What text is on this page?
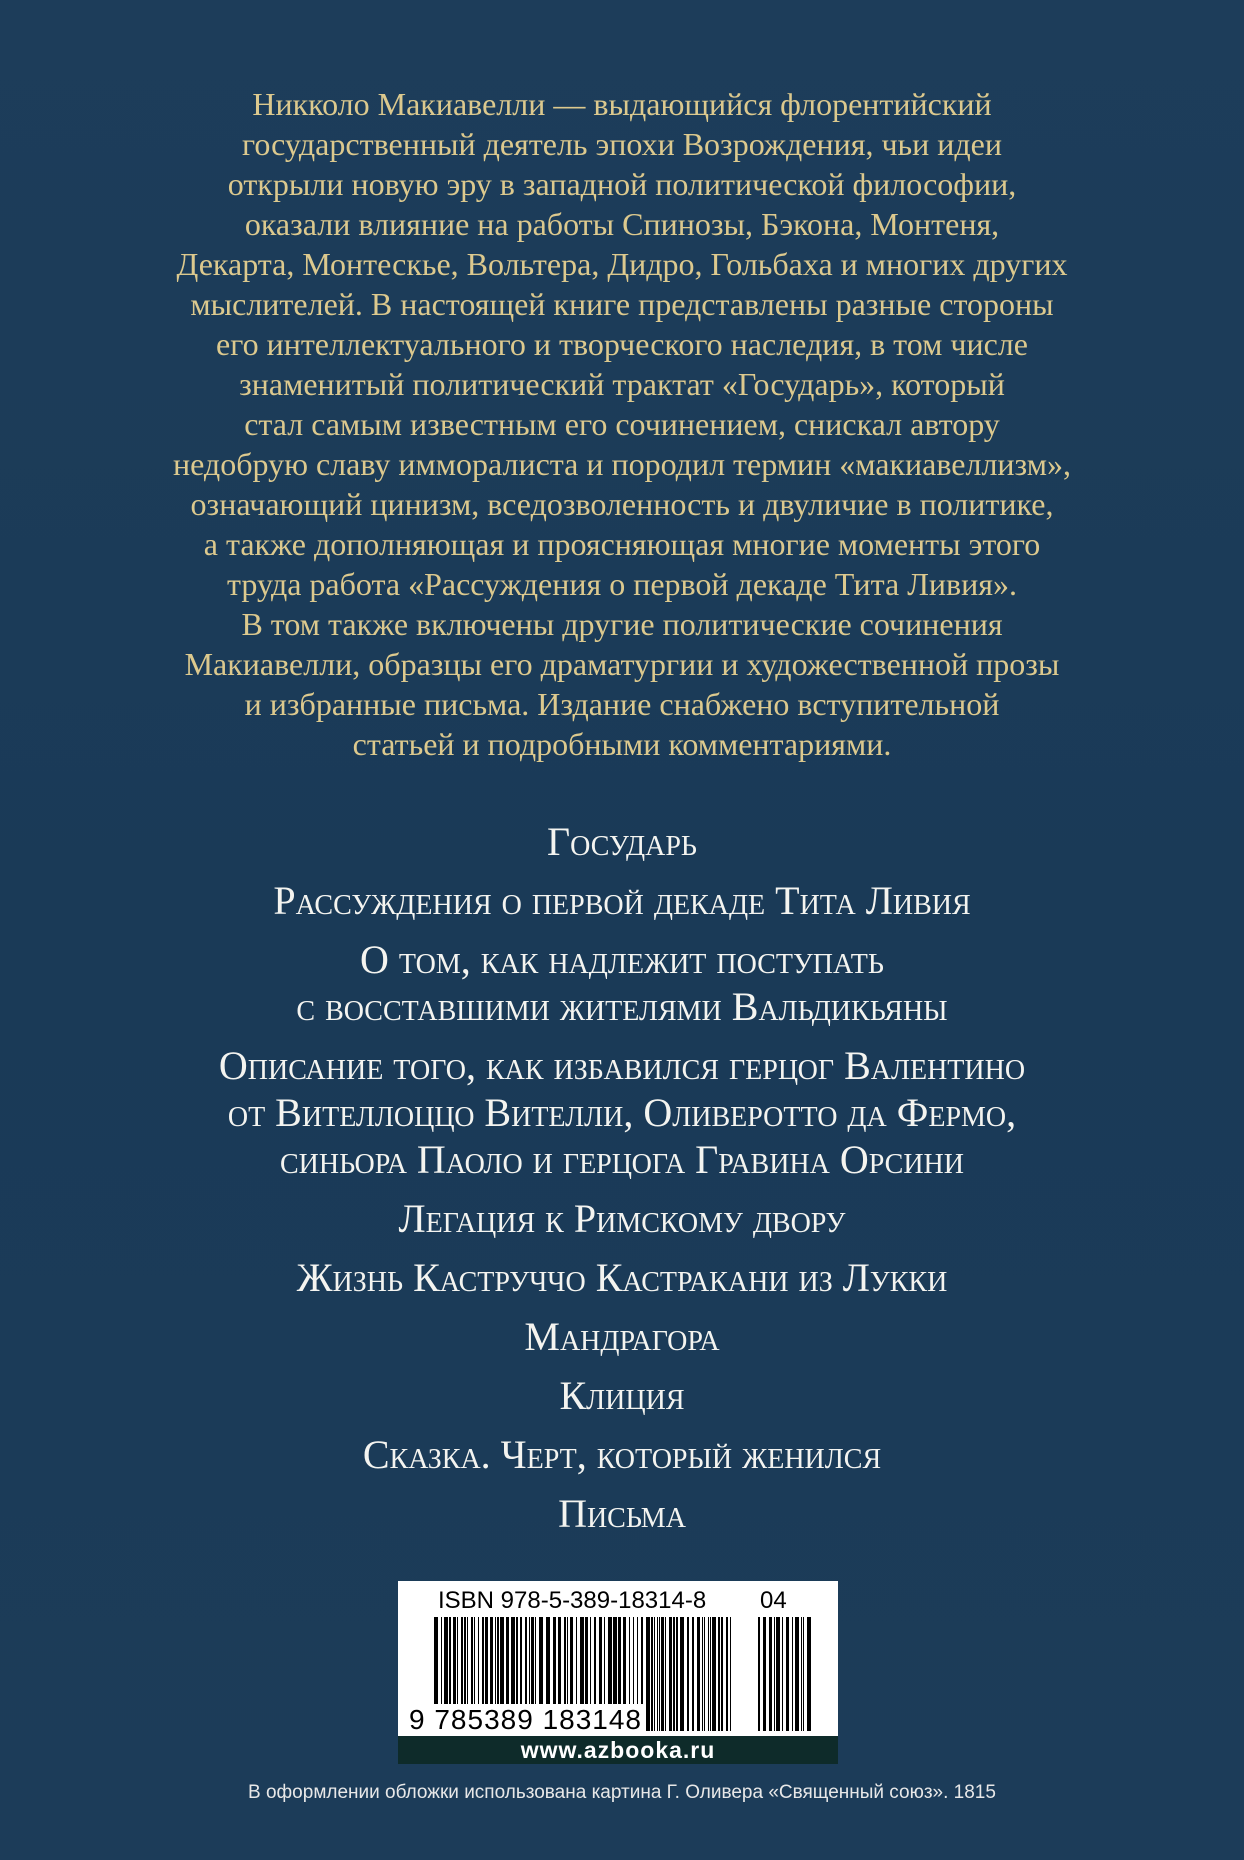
Никколо Макиавелли — выдающийся флорентийский
государственный деятель эпохи Возрождения, чьи идеи
открыли новую эру в западной политической философии,
оказали влияние на работы Спинозы, Бэкона, Монтеня,
Декарта, Монтескье, Вольтера, Дидро, Гольбаха и многих других
мыслителей. В настоящей книге представлены разные стороны
его интеллектуального и творческого наследия, в том числе
знаменитый политический трактат «Государь», который
стал самым известным его сочинением, снискал автору
недобрую славу иммoралиста и породил термин «макиавеллизм»,
означающий цинизм, вседозволенность и двуличие в политике,
а также дополняющая и проясняющая многие моменты этого
труда работа «Рассуждения о первой декаде Тита Ливия».
В том также включены другие политические сочинения
Макиавелли, образцы его драматургии и художественной прозы
и избранные письма. Издание снабжено вступительной
статьей и подробными комментариями.
Государь
Рассуждения о первой декаде Тита Ливия
О том, как надлежит поступать
с восставшими жителями Вальдикьяны
Описание того, как избавился герцог Валентино
от Вителлоццо Вителли, Оливеротто да Фермо,
синьора Паоло и герцога Гравина Орсини
Легация к Римскому двору
Жизнь Каструччо Кастракани из Лукки
Мандрагора
Клиция
Сказка. Черт, который женился
Письма
ISBN 978-5-389-18314-8 04
9 785389 183148
www.azbooka.ru
В оформлении обложки использована картина Г. Оливера «Священный союз». 1815
